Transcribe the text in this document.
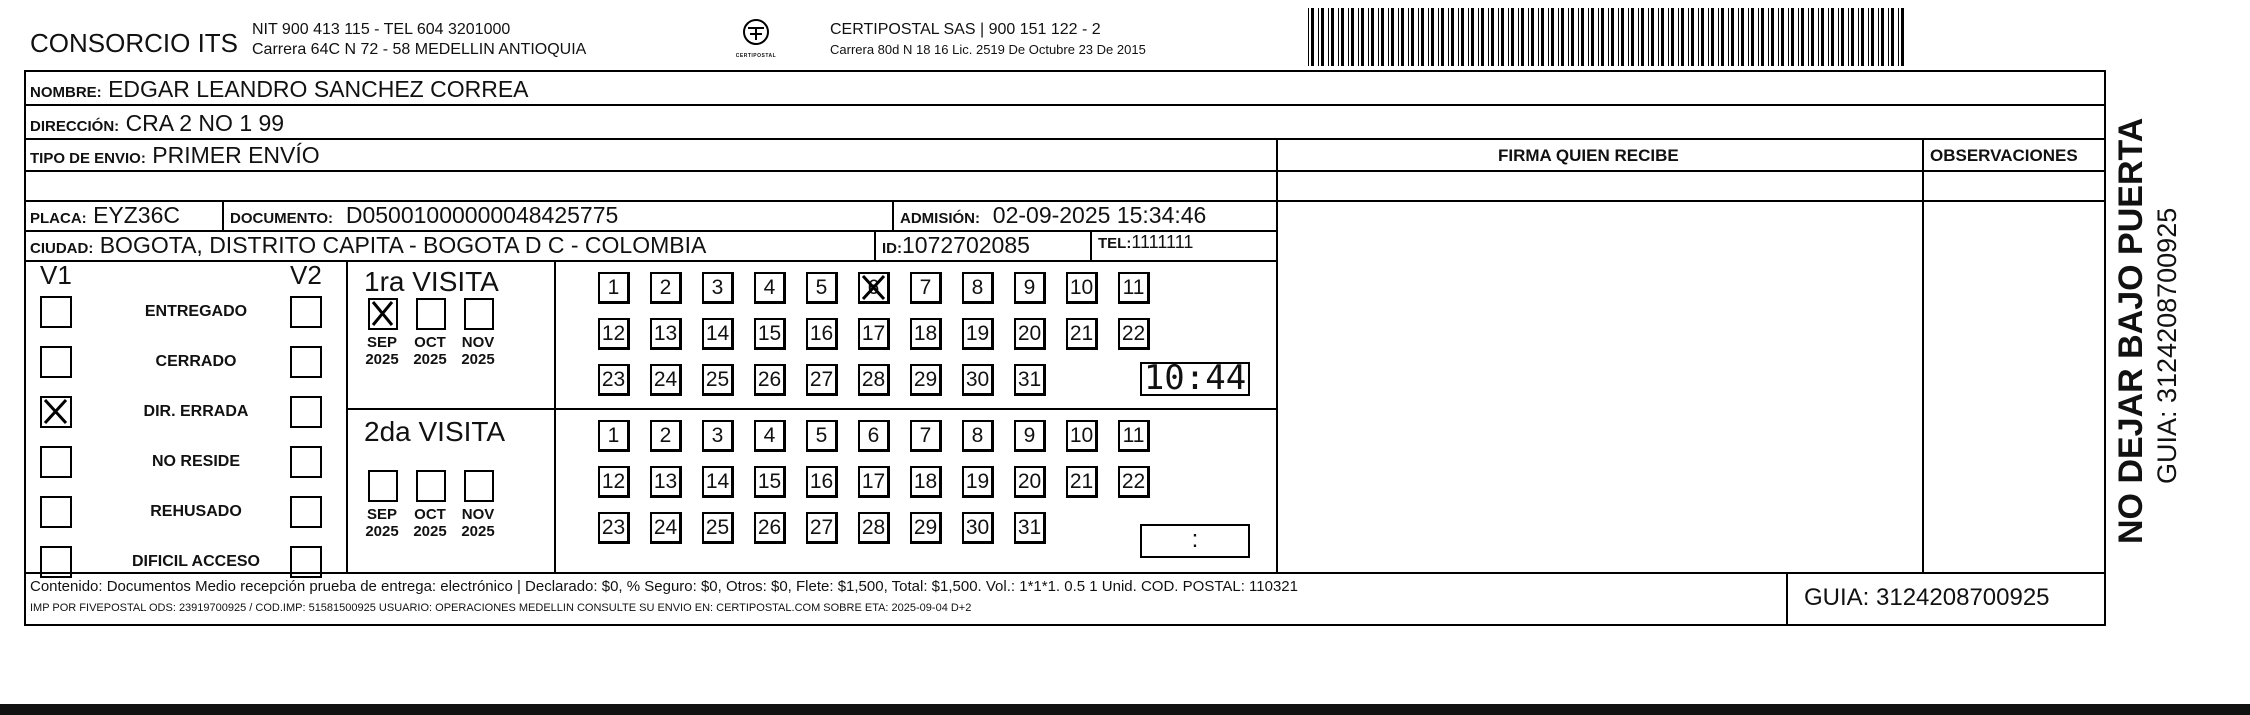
CONSORCIO ITS NIT 900 413 115 - TEL 604 3201000
Carrera 64C N 72 - 58 MEDELLIN ANTIOQUIA	CERTIPOSTAL
CERTIPOSTAL SAS | 900 151 122 - 2
Carrera 80d N 18 16 Lic. 2519 De Octubre 23 De 2015
NOMBRE: EDGAR LEANDRO SANCHEZ CORREA
DIRECCIÓN: CRA 2 NO 1 99
TIPO DE ENVIO: PRIMER ENVÍO	FIRMA QUIEN RECIBE	OBSERVACIONES
PLACA: EYZ36C	DOCUMENTO: D05001000000048425775	ADMISIÓN: 02-09-2025 15:34:46
CIUDAD: BOGOTA, DISTRITO CAPITA - BOGOTA D C - COLOMBIA	ID:1072702085	TEL:1111111
V1	V2
ENTREGADO
CERRADO
DIR. ERRADA
NO RESIDE
REHUSADO
DIFICIL ACCESO
1ra VISITA
SEP
2025
OCT
2025
NOV
2025
1	2	3	4	5	6	7	8	9	10 11
12 13 14 15 16 17 18 19 20 21 22
23 24 25 26 27 28 29 30 31	10:44
2da VISITA
SEP
2025
OCT
2025
NOV
2025
1	2	3	4	5	6	7	8	9	10 11
12 13 14 15 16 17 18 19 20 21 22
23 24 25 26 27 28 29 30 31	:
Contenido: Documentos Medio recepción prueba de entrega: electrónico | Declarado: $0, % Seguro: $0, Otros: $0, Flete: $1,500, Total: $1,500. Vol.: 1*1*1. 0.5 1 Unid. COD. POSTAL: 110321
IMP POR FIVEPOSTAL ODS: 23919700925 / COD.IMP: 51581500925 USUARIO: OPERACIONES MEDELLIN CONSULTE SU ENVIO EN: CERTIPOSTAL.COM SOBRE ETA: 2025-09-04 D+2	GUIA: 3124208700925
NO DEJAR BAJO PUERTA GUIA: 3124208700925
